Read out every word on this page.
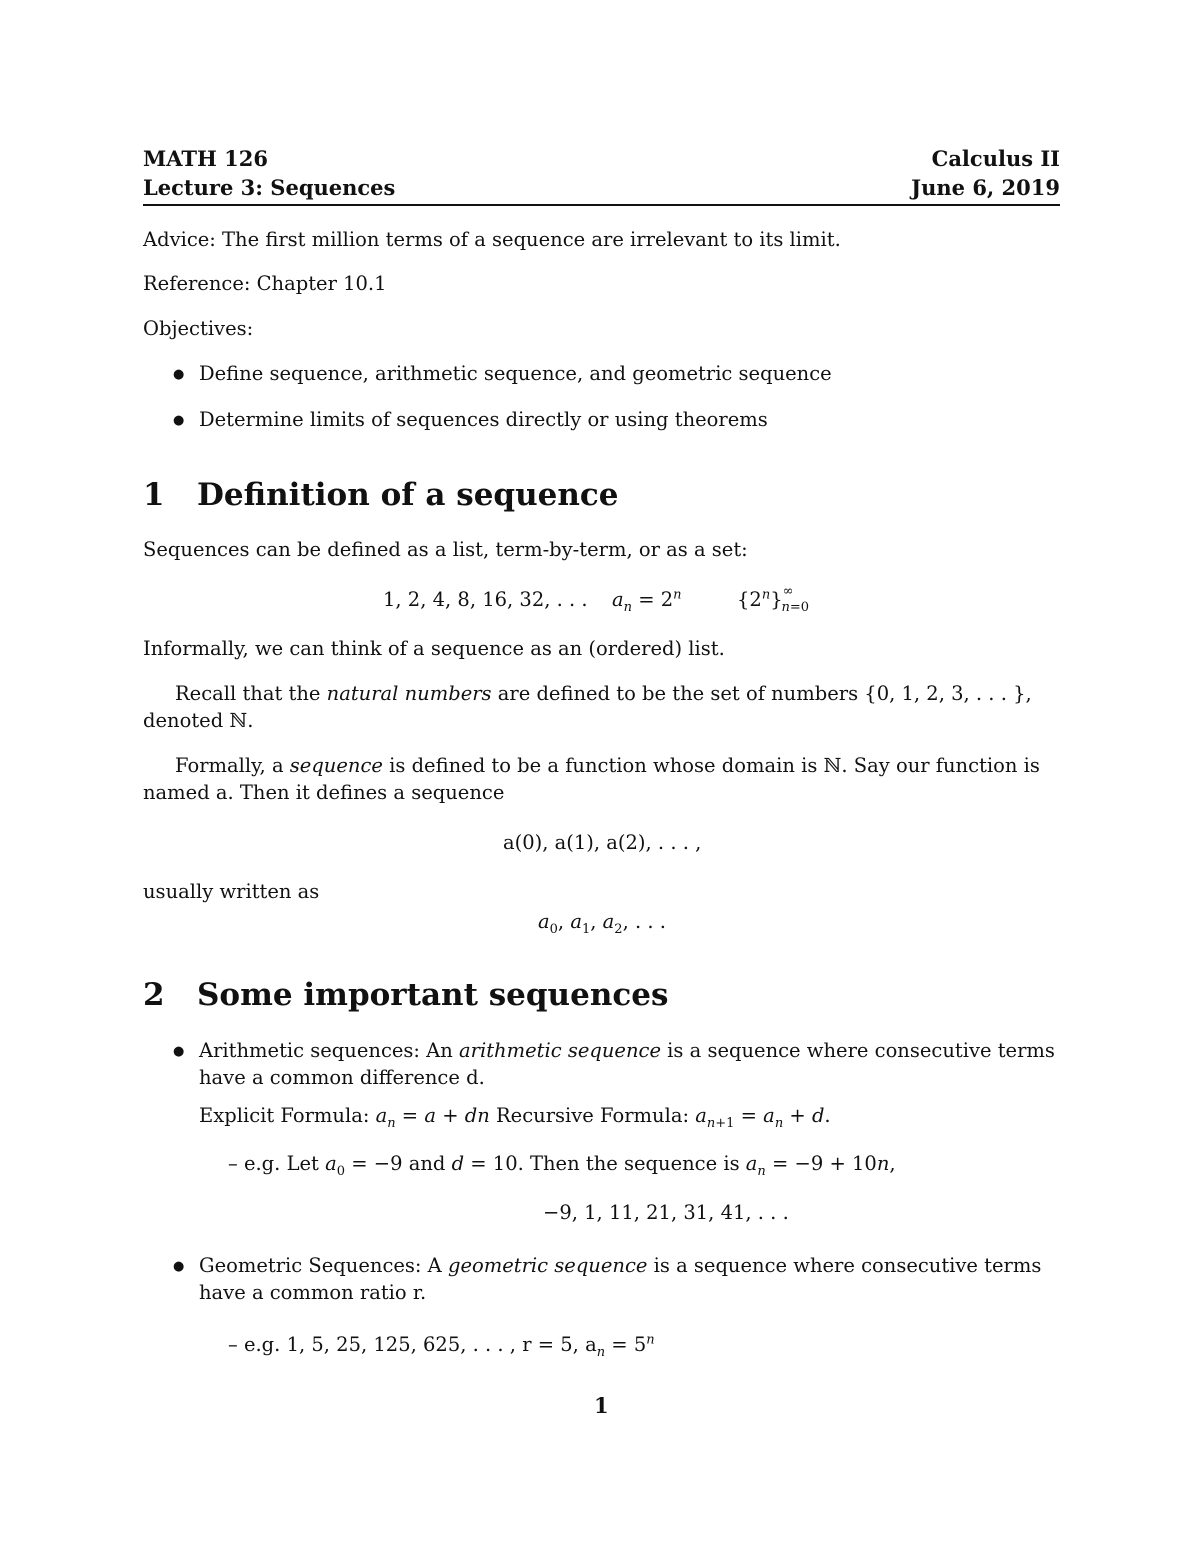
MATH 126	Calculus II
Lecture 3: Sequences	June 6, 2019
Advice: The first million terms of a sequence are irrelevant to its limit.
Reference: Chapter 10.1
Objectives:
● Define sequence, arithmetic sequence, and geometric sequence
● Determine limits of sequences directly or using theorems
1 Definition of a sequence
Sequences can be defined as a list, term-by-term, or as a set:
1, 2, 4, 8, 16, 32, . . . $a_n = 2^n$	$\{2^n\}^\infty_{n=0}$
Informally, we can think of a sequence as an (ordered) list.
Recall that the natural numbers are defined to be the set of numbers {0, 1, 2, 3, . . . },
denoted ℕ.
Formally, a sequence is defined to be a function whose domain is ℕ. Say our function is
named a. Then it defines a sequence
a(0), a(1), a(2), . . . ,
usually written as
$a_0$, $a_1$, $a_2$, . . .
2 Some important sequences
● Arithmetic sequences: An arithmetic sequence is a sequence where consecutive terms
have a common difference d.
Explicit Formula: $a_n = a$ + dn Recursive Formula: $a_{n+1} = a_n + d$.
– e.g. Let $a_0 = -9$ and d = 10. Then the sequence is $a_n = -9 + 10n$,
−9, 1, 11, 21, 31, 41, . . .
● Geometric Sequences: A geometric sequence is a sequence where consecutive terms
have a common ratio r.
– e.g. 1, 5, 25, 125, 625, . . . , r = 5, $a_n = 5^n$
1
